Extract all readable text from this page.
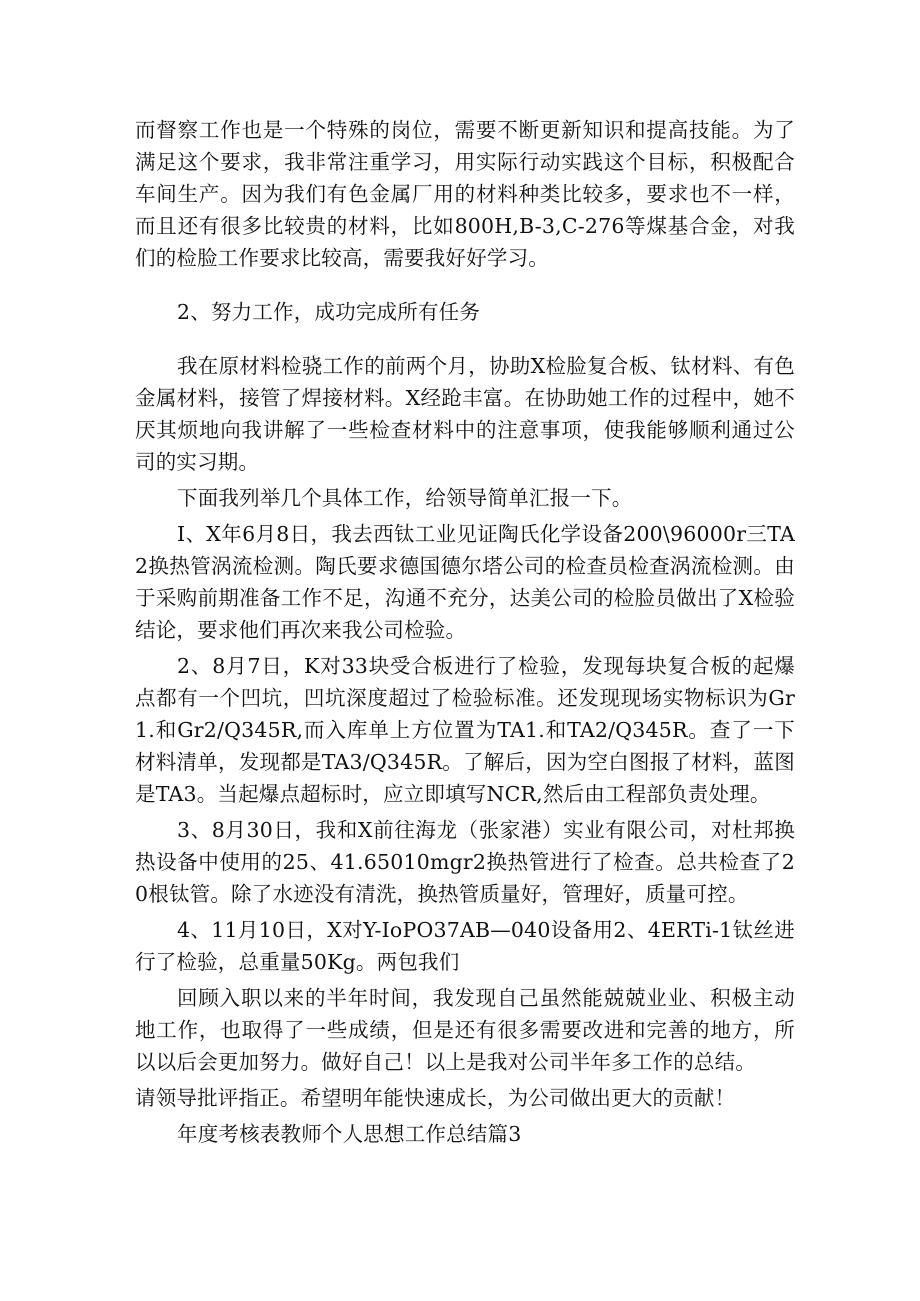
而督察工作也是一个特殊的岗位，需要不断更新知识和提高技能。为了满足这个要求，我非常注重学习，用实际行动实践这个目标，积极配合车间生产。因为我们有色金属厂用的材料种类比较多，要求也不一样，而且还有很多比较贵的材料，比如800H,B-3,C-276等煤基合金，对我们的检脸工作要求比较高，需要我好好学习。

2、努力工作，成功完成所有任务

我在原材料检骁工作的前两个月，协助X检脸复合板、钛材料、有色金属材料，接管了焊接材料。X经跄丰富。在协助她工作的过程中，她不厌其烦地向我讲解了一些检查材料中的注意事项，使我能够顺利通过公司的实习期。

下面我列举几个具体工作，给领导简单汇报一下。

I、X年6月8日，我去西钛工业见证陶氏化学设备200\96000r三TA2换热管涡流检测。陶氏要求德国德尔塔公司的检查员检查涡流检测。由于采购前期准备工作不足，沟通不充分，达美公司的检脸员做出了X检验结论，要求他们再次来我公司检验。

2、8月7日，K对33块受合板进行了检验，发现每块复合板的起爆点都有一个凹坑，凹坑深度超过了检验标准。还发现现场实物标识为Gr1.和Gr2/Q345R,而入库单上方位置为TA1.和TA2/Q345R。查了一下材料清单，发现都是TA3/Q345R。了解后，因为空白图报了材料，蓝图是TA3。当起爆点超标时，应立即填写NCR,然后由工程部负责处理。

3、8月30日，我和X前往海龙（张家港）实业有限公司，对杜邦换热设备中使用的25、41.65010mgr2换热管进行了检查。总共检查了20根钛管。除了水迹没有清洗，换热管质量好，管理好，质量可控。

4、11月10日，X对Y-IoPO37AB—040设备用2、4ERTi-1钛丝进行了检验，总重量50Kg。两包我们

回顾入职以来的半年时间，我发现自己虽然能兢兢业业、积极主动地工作，也取得了一些成绩，但是还有很多需要改进和完善的地方，所以以后会更加努力。做好自己！以上是我对公司半年多工作的总结。

请领导批评指正。希望明年能快速成长，为公司做出更大的贡献！

年度考核表教师个人思想工作总结篇3
